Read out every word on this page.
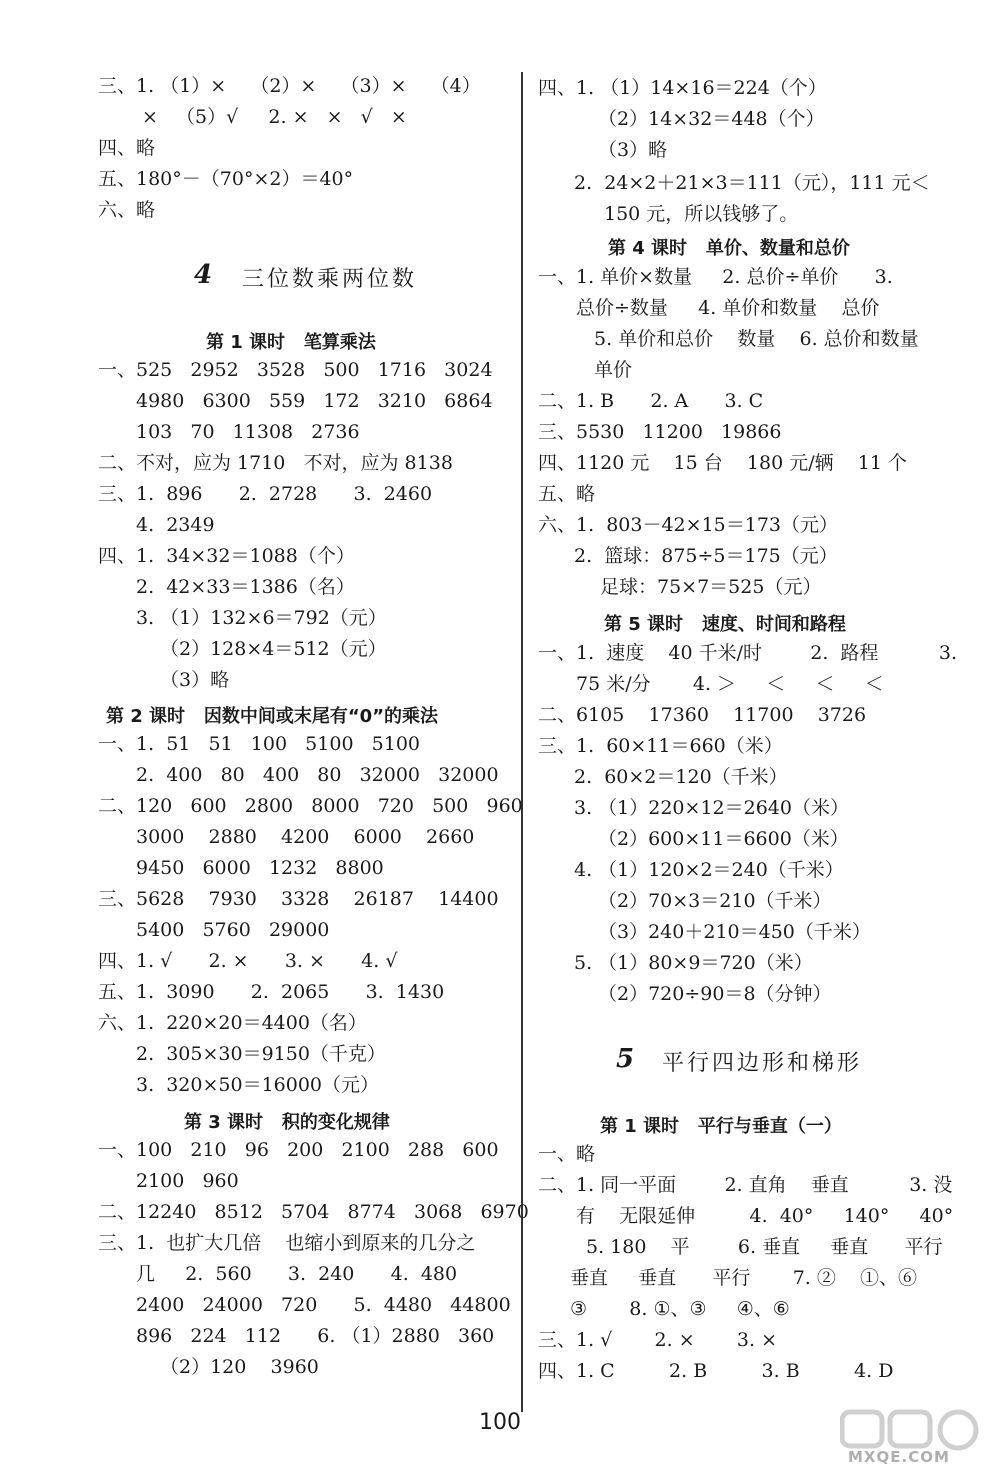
三、1. （1）×    （2）×    （3）×    （4）
×   （5）√     2. ×   ×   √   ×
四、略
五、180°－（70°×2）＝40°
六、略
4 三位数乘两位数
第 1 课时   笔算乘法
一、525   2952   3528   500   1716   3024
4980   6300   559   172   3210   6864
103   70   11308   2736
二、不对，应为 1710   不对，应为 8138
三、1.  896      2.  2728      3.  2460
4.  2349
四、1.  34×32＝1088（个）
2.  42×33＝1386（名）
3. （1）132×6＝792（元）
（2）128×4＝512（元）
（3）略
第 2 课时   因数中间或末尾有“0”的乘法
一、1.  51   51   100   5100   5100
2.  400   80   400   80   32000   32000
二、120   600   2800   8000   720   500   960
3000    2880    4200    6000    2660
9450   6000   1232   8800
三、5628    7930    3328    26187    14400
5400   5760   29000
四、1. √      2. ×      3. ×      4. √
五、1.  3090      2.  2065      3.  1430
六、1.  220×20＝4400（名）
2.  305×30＝9150（千克）
3.  320×50＝16000（元）
第 3 课时   积的变化规律
一、100   210   96   200   2100   288   600
2100   960
二、12240   8512   5704   8774   3068   6970
三、1.  也扩大几倍    也缩小到原来的几分之
几     2.  560      3.  240      4.  480
2400   24000   720      5.  4480   44800
896   224   112      6. （1）2880   360
（2）120    3960
四、1. （1）14×16＝224（个）
（2）14×32＝448（个）
（3）略
2.  24×2＋21×3＝111（元），111 元＜
150 元，所以钱够了。
第 4 课时   单价、数量和总价
一、1. 单价×数量     2. 总价÷单价      3.
总价÷数量     4. 单价和数量    总价
5. 单价和总价    数量    6. 总价和数量
单价
二、1. B      2. A      3. C
三、5530   11200   19866
四、1120 元    15 台    180 元/辆    11 个
五、略
六、1.  803－42×15＝173（元）
2.  篮球：875÷5＝175（元）
足球：75×7＝525（元）
第 5 课时   速度、时间和路程
一、1.  速度    40 千米/时        2.  路程          3.
75 米/分       4. ＞     ＜     ＜     ＜
二、6105    17360    11700    3726
三、1.  60×11＝660（米）
2.  60×2＝120（千米）
3. （1）220×12＝2640（米）
（2）600×11＝6600（米）
4. （1）120×2＝240（千米）
（2）70×3＝210（千米）
（3）240＋210＝450（千米）
5. （1）80×9＝720（米）
（2）720÷90＝8（分钟）
5 平行四边形和梯形
第 1 课时   平行与垂直（一）
一、略
二、1. 同一平面        2. 直角    垂直          3. 没
有    无限延伸         4.  40°     140°     40°
5. 180    平        6. 垂直     垂直      平行
垂直     垂直      平行       7. ②    ①、⑥
③       8. ①、③     ④、⑥
三、1. √       2. ×       3. ×
四、1. C         2. B         3. B         4. D
100
MXQE.COM
